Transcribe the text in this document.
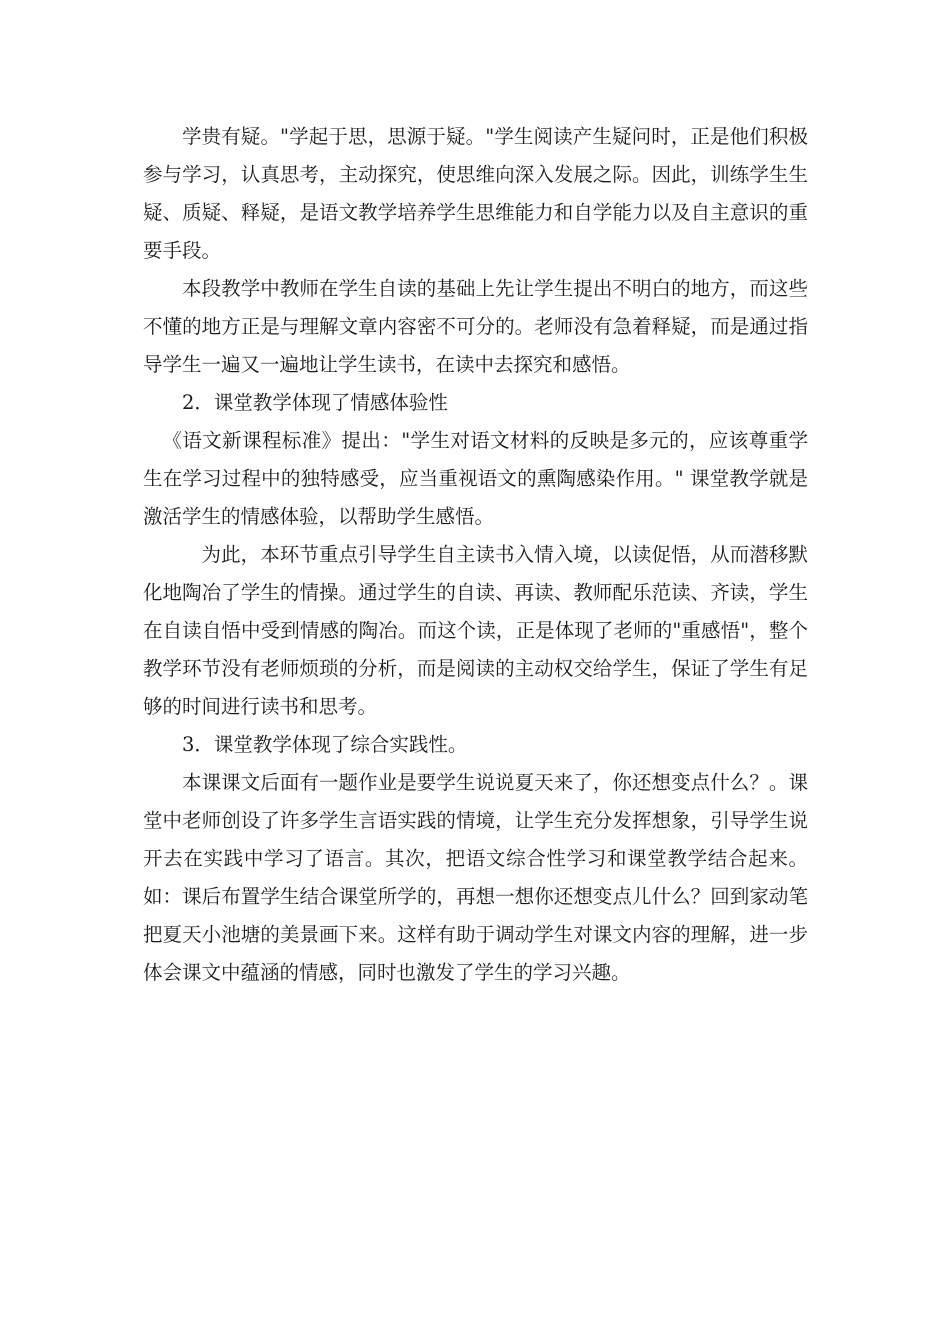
学贵有疑。"学起于思，思源于疑。"学生阅读产生疑问时，正是他们积极参与学习，认真思考，主动探究，使思维向深入发展之际。因此，训练学生生疑、质疑、释疑，是语文教学培养学生思维能力和自学能力以及自主意识的重要手段。

本段教学中教师在学生自读的基础上先让学生提出不明白的地方，而这些不懂的地方正是与理解文章内容密不可分的。老师没有急着释疑，而是通过指导学生一遍又一遍地让学生读书，在读中去探究和感悟。

2．课堂教学体现了情感体验性

《语文新课程标准》提出："学生对语文材料的反映是多元的，应该尊重学生在学习过程中的独特感受，应当重视语文的熏陶感染作用。" 课堂教学就是激活学生的情感体验，以帮助学生感悟。

为此，本环节重点引导学生自主读书入情入境，以读促悟，从而潜移默化地陶冶了学生的情操。通过学生的自读、再读、教师配乐范读、齐读，学生在自读自悟中受到情感的陶冶。而这个读，正是体现了老师的"重感悟"，整个教学环节没有老师烦琐的分析，而是阅读的主动权交给学生，保证了学生有足够的时间进行读书和思考。

3．课堂教学体现了综合实践性。

本课课文后面有一题作业是要学生说说夏天来了，你还想变点什么？。课堂中老师创设了许多学生言语实践的情境，让学生充分发挥想象，引导学生说开去在实践中学习了语言。其次，把语文综合性学习和课堂教学结合起来。如：课后布置学生结合课堂所学的，再想一想你还想变点儿什么？回到家动笔把夏天小池塘的美景画下来。这样有助于调动学生对课文内容的理解，进一步体会课文中蕴涵的情感，同时也激发了学生的学习兴趣。
